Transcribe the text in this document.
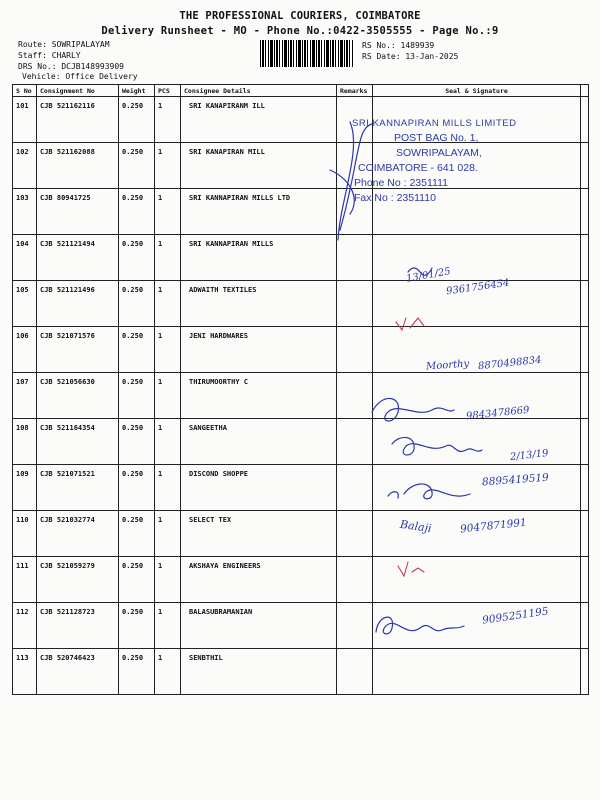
THE PROFESSIONAL COURIERS, COIMBATORE
Delivery Runsheet - MO - Phone No.:0422-3505555 - Page No.:9
Route: SOWRIPALAYAM
Staff: CHARLY
DRS No.: DCJB14899390​9
Vehicle: Office Delivery
RS No.: 1489939
RS Date: 13-Jan-2025
S No	Consignment No	Weight	PCS	Consignee Details	Remarks	Seal & Signature	
101	CJB 521162116	0.250	1	SRI KANAPIRANM ILL			
102	CJB 521162088	0.250	1	SRI KANAPIRAN MILL			
103	CJB 80941725	0.250	1	SRI KANNAPIRAN MILLS LTD			
104	CJB 521121494	0.250	1	SRI KANNAPIRAN MILLS			
105	CJB 521121496	0.250	1	ADWAITH TEXTILES			
106	CJB 521071576	0.250	1	JENI HARDWARES			
107	CJB 521056630	0.250	1	THIRUMOORTHY C			
108	CJB 521164354	0.250	1	SANGEETHA			
109	CJB 521071521	0.250	1	DISCOND SHOPPE			
110	CJB 521032774	0.250	1	SELECT TEX			
111	CJB 521059279	0.250	1	AKSHAYA ENGINEERS			
112	CJB 521128723	0.250	1	BALASUBRAMANIAN			
113	CJB 520746423	0.250	1	SENBTHIL			
SRI KANNAPIRAN MILLS LIMITED
POST BAG No. 1,
SOWRIPALAYAM,
COIMBATORE - 641 028.
Phone No : 2351111
Fax No : 2351110
13/01/25
9361756454
Moorthy 8870498834
9843478669
2/13/19
8895419519
Balaji	9047871991
9095251195
